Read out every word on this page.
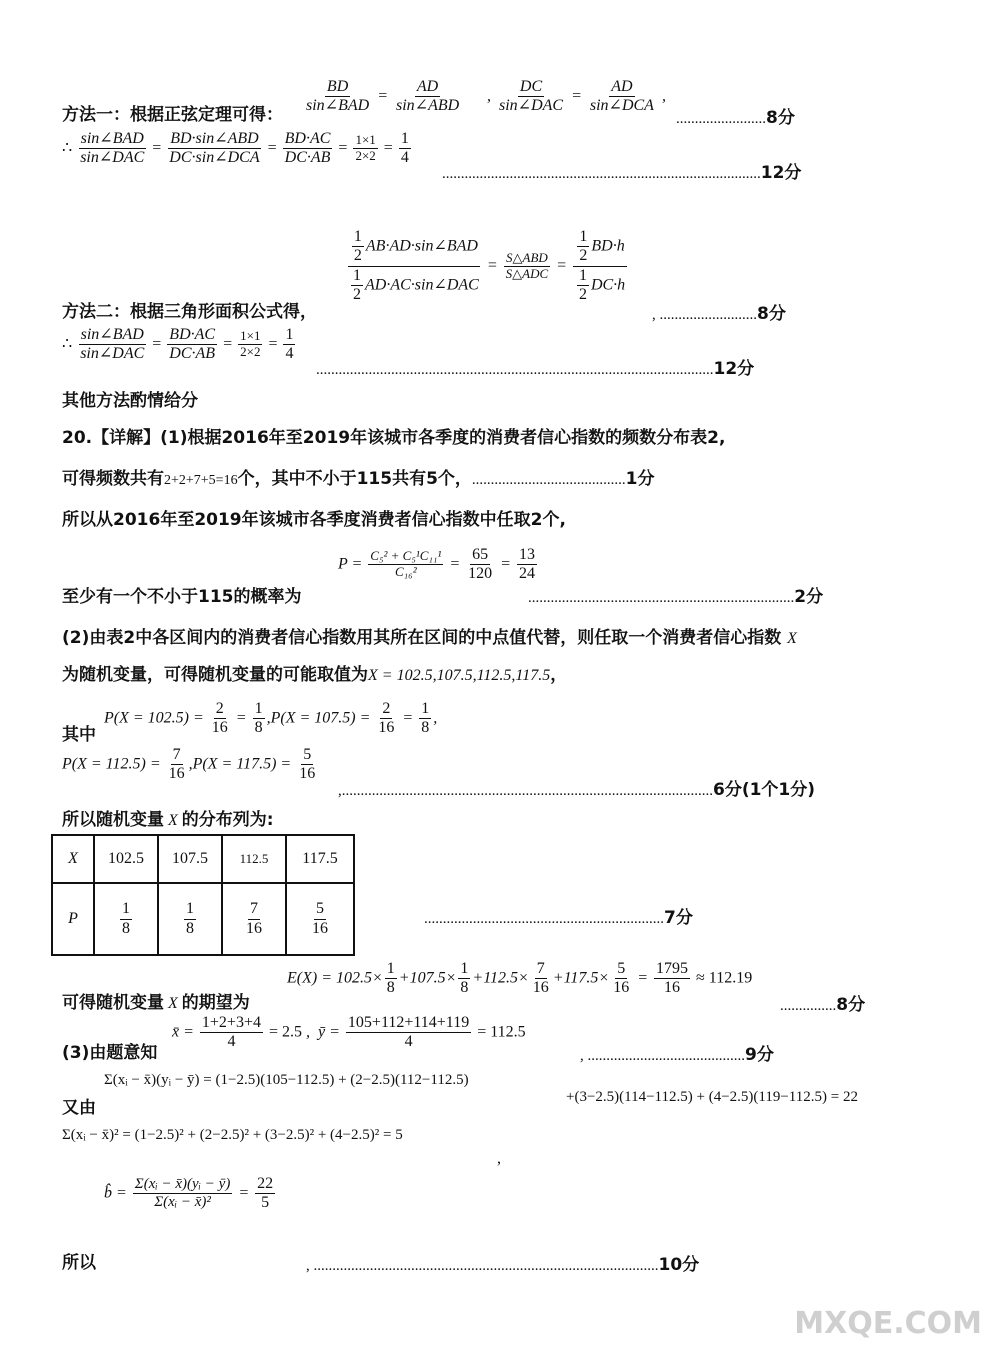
方法一：根据正弦定理可得： $\frac{BD}{\text{sin∠BAD}} = \frac{AD}{\text{sin∠ABD}}$ , $\frac{DC}{\text{sin∠DAC}} = \frac{AD}{\text{sin∠DCA}}$ ,
........................8分
∴ $\frac{\text{sin∠BAD}}{\text{sin∠DAC}} = \frac{\text{BD·sin∠ABD}}{\text{DC·sin∠DCA}} = \frac{BD\cdot AC}{DC\cdot AB} = \frac{1\times 1}{2\times 2} = \frac{1}{4}$
.....................................................................................12分
$\frac{\frac{1}{2} AB\cdot AD\cdot\sin\angle BAD}{\frac{1}{2} AD\cdot AC\cdot\sin\angle DAC} = \frac{\text{S△ABD}}{\text{S△ADC}} = \frac{\frac{1}{2} BD\cdot h}{\frac{1}{2} DC\cdot h}$
方法二：根据三角形面积公式得，	, ..........................8分
∴ $\frac{\text{sin∠BAD}}{\text{sin∠DAC}} = \frac{BD\cdot AC}{DC\cdot AB} = \frac{1\times 1}{2\times 2} = \frac{1}{4}$
..........................................................................................................12分
其他方法酌情给分
20.【详解】(1)根据2016年至2019年该城市各季度的消费者信心指数的频数分布表2,
可得频数共有2+2+7+5=16个，其中不小于115共有5个，.........................................1分
所以从2016年至2019年该城市各季度消费者信心指数中任取2个,
$P = \frac{\text{C₅² + C₅¹C₁₁¹}}{\text{C₁₆²}} = \frac{65}{120} = \frac{13}{24}$
至少有一个不小于115的概率为	.......................................................................2分
(2)由表2中各区间内的消费者信心指数用其所在区间的中点值代替，则任取一个消费者信心指数 X
为随机变量，可得随机变量的可能取值为X = 102.5,107.5,112.5,117.5，
$P(X = 102.5) = \frac{2}{16} = \frac{1}{8} ,P(X = 107.5) = \frac{2}{16} = \frac{1}{8}$ ,
其中
$P(X = 112.5) = \frac{7}{16} ,P(X = 117.5) = \frac{5}{16}$
,...................................................................................................6分(1个1分)
所以随机变量 X 的分布列为:
X	102.5	107.5	112.5	117.5
P	$\frac{1}{8}$	$\frac{1}{8}$	$\frac{7}{16}$	$\frac{5}{16}$	................................................................7分
$E(X) = 102.5\times \frac{1}{8} +107.5\times \frac{1}{8} +112.5\times \frac{7}{16} +117.5\times \frac{5}{16} = \frac{1795}{16} \approx 112.19$
可得随机变量 X 的期望为	...............8分
x̄ = $\frac{1+2+3+4}{4} = 2.5$ ,  ȳ = $\frac{105+112+114+119}{4} = 112.5$
(3)由题意知	, ..........................................9分
又由
Σ(xᵢ − x̄)(yᵢ − ȳ) = (1−2.5)(105−112.5) + (2−2.5)(112−112.5)
+(3−2.5)(114−112.5) + (4−2.5)(119−112.5) = 22
Σ(xᵢ − x̄)² = (1−2.5)² + (2−2.5)² + (3−2.5)² + (4−2.5)² = 5
,
b̂ = $\frac{\text{Σ(xᵢ − x̄)(yᵢ − ȳ)}}{\text{Σ(xᵢ − x̄)²}} = \frac{22}{5}$
所以	, ............................................................................................10分
MXQE.COM
